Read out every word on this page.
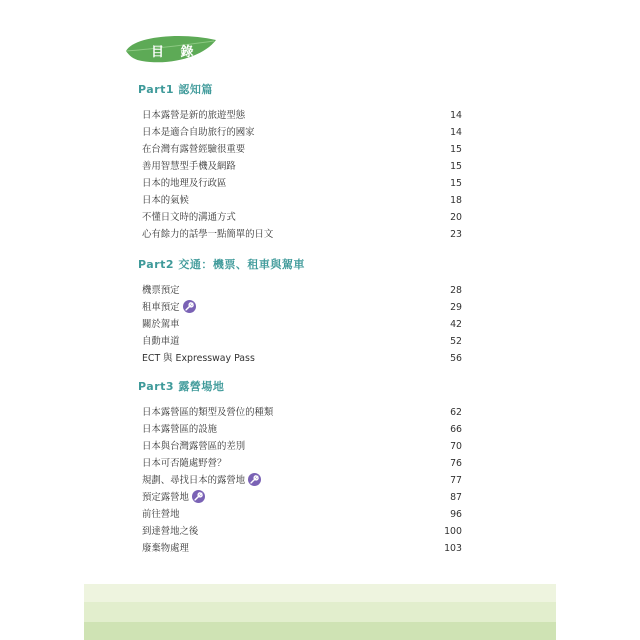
目 錄
Part1 認知篇
日本露營是新的旅遊型態	14
日本是適合自助旅行的國家	14
在台灣有露營經驗很重要	15
善用智慧型手機及網路	15
日本的地理及行政區	15
日本的氣候	18
不懂日文時的溝通方式	20
心有餘力的話學一點簡單的日文	23
Part2 交通：機票、租車與駕車
機票預定	28
租車預定	29
關於駕車	42
自動車道	52
ECT 與 Expressway Pass	56
Part3 露營場地
日本露營區的類型及營位的種類	62
日本露營區的設施	66
日本與台灣露營區的差別	70
日本可否隨處野營？	76
規劃、尋找日本的露營地	77
預定露營地	87
前往營地	96
到達營地之後	100
廢棄物處理	103
